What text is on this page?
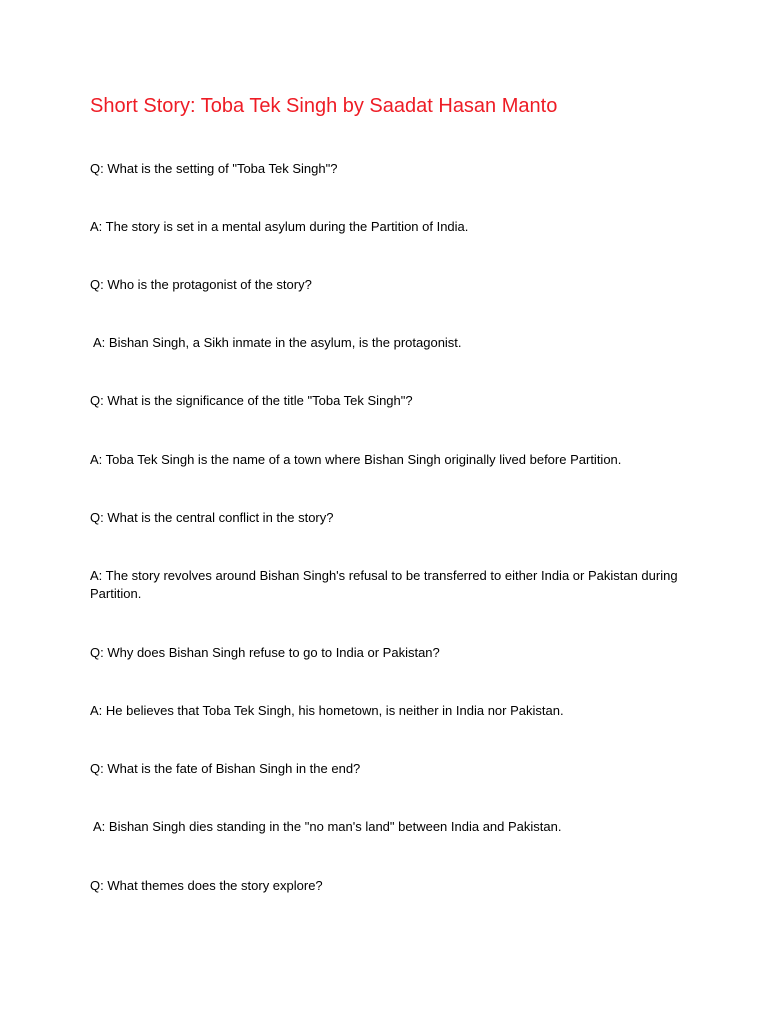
Short Story: Toba Tek Singh by Saadat Hasan Manto
Q: What is the setting of "Toba Tek Singh"?
A: The story is set in a mental asylum during the Partition of India.
Q: Who is the protagonist of the story?
A: Bishan Singh, a Sikh inmate in the asylum, is the protagonist.
Q: What is the significance of the title "Toba Tek Singh"?
A: Toba Tek Singh is the name of a town where Bishan Singh originally lived before Partition.
Q: What is the central conflict in the story?
A: The story revolves around Bishan Singh's refusal to be transferred to either India or Pakistan during Partition.
Q: Why does Bishan Singh refuse to go to India or Pakistan?
A: He believes that Toba Tek Singh, his hometown, is neither in India nor Pakistan.
Q: What is the fate of Bishan Singh in the end?
A: Bishan Singh dies standing in the "no man's land" between India and Pakistan.
Q: What themes does the story explore?
